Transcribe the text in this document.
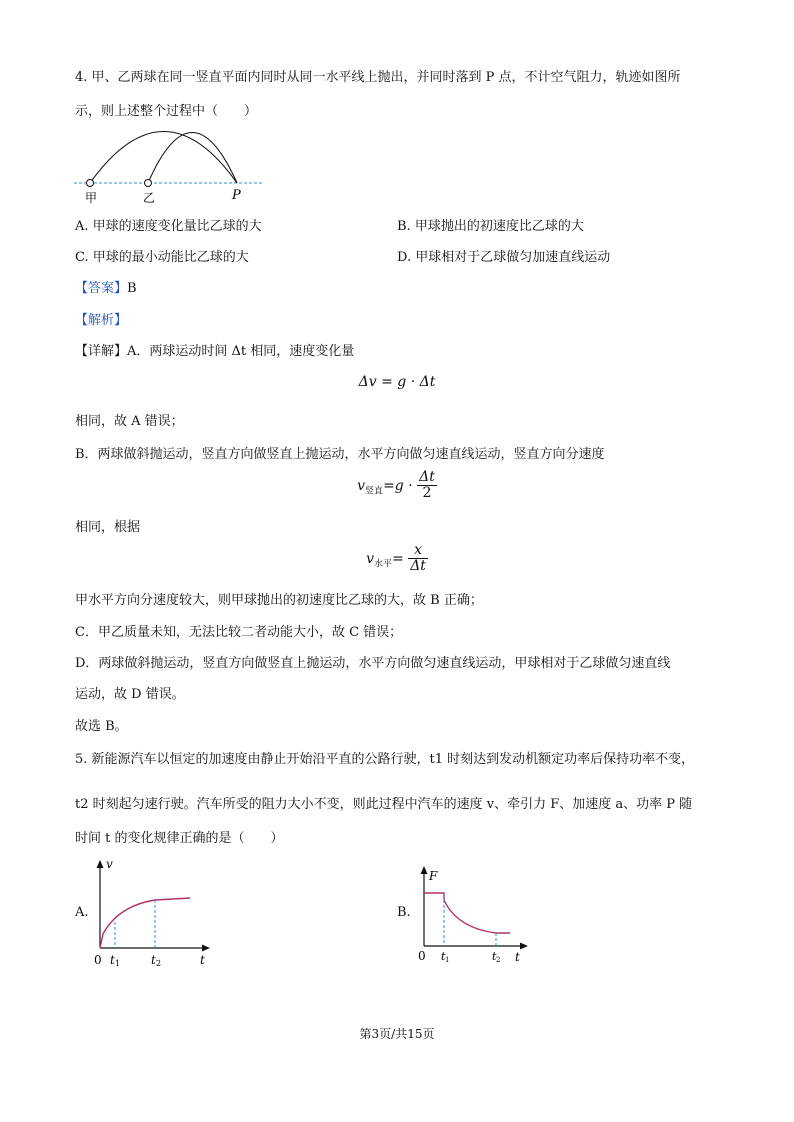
4. 甲、乙两球在同一竖直平面内同时从同一水平线上抛出，并同时落到 P 点，不计空气阻力，轨迹如图所
示，则上述整个过程中（　　）
甲	乙	P
A. 甲球的速度变化量比乙球的大	B. 甲球抛出的初速度比乙球的大
C. 甲球的最小动能比乙球的大	D. 甲球相对于乙球做匀加速直线运动
【答案】B
【解析】
【详解】A．两球运动时间 Δt 相同，速度变化量
Δv = g · Δt
相同，故 A 错误；
B．两球做斜抛运动，竖直方向做竖直上抛运动，水平方向做匀速直线运动，竖直方向分速度
$v_{竖直}=g \cdot \frac{\Delta t}{2}$
相同，根据
$v_{水平}= \frac{x}{\Delta t}$
甲水平方向分速度较大，则甲球抛出的初速度比乙球的大，故 B 正确；
C．甲乙质量未知，无法比较二者动能大小，故 C 错误；
D．两球做斜抛运动，竖直方向做竖直上抛运动，水平方向做匀速直线运动，甲球相对于乙球做匀速直线
运动，故 D 错误。
故选 B。
5. 新能源汽车以恒定的加速度由静止开始沿平直的公路行驶，t1 时刻达到发动机额定功率后保持功率不变，
t2 时刻起匀速行驶。汽车所受的阻力大小不变，则此过程中汽车的速度 v、牵引力 F、加速度 a、功率 P 随
时间 t 的变化规律正确的是（　　）
A.
v
t
0 t 1	t 2
B.
F
t
0 t 1	t 2
第3页/共15页
